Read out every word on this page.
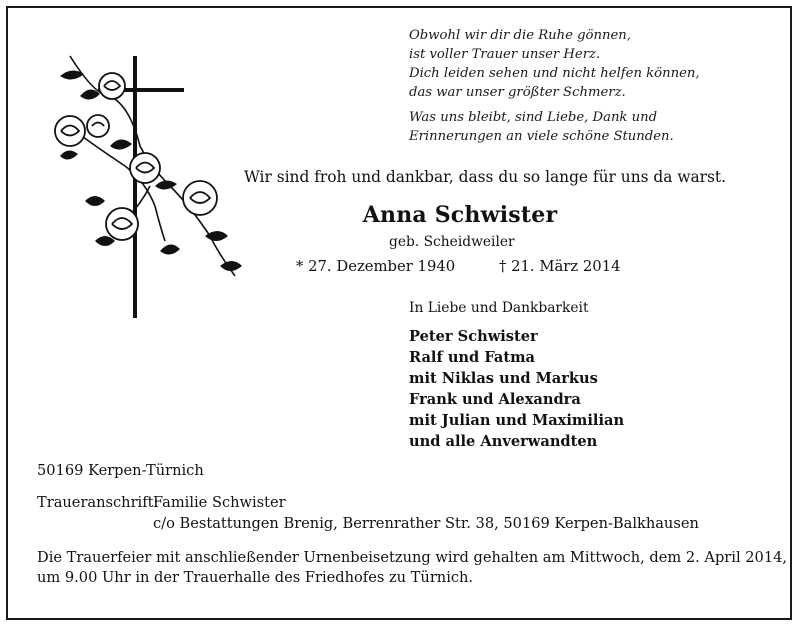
Obwohl wir dir die Ruhe gönnen,
ist voller Trauer unser Herz.
Dich leiden sehen und nicht helfen können,
das war unser größter Schmerz.
Was uns bleibt, sind Liebe, Dank und
Erinnerungen an viele schöne Stunden.
Wir sind froh und dankbar, dass du so lange für uns da warst.
Anna Schwister
geb. Scheidweiler
* 27. Dezember 1940	† 21. März 2014
In Liebe und Dankbarkeit
Peter Schwister
Ralf und Fatma
mit Niklas und Markus
Frank und Alexandra
mit Julian und Maximilian
und alle Anverwandten
50169 Kerpen-Türnich
Traueranschrift:
Familie Schwister
c/o Bestattungen Brenig, Berrenrather Str. 38, 50169 Kerpen-Balkhausen
Die Trauerfeier mit anschließender Urnenbeisetzung wird gehalten am Mittwoch, dem 2. April 2014,
um 9.00 Uhr in der Trauerhalle des Friedhofes zu Türnich.
